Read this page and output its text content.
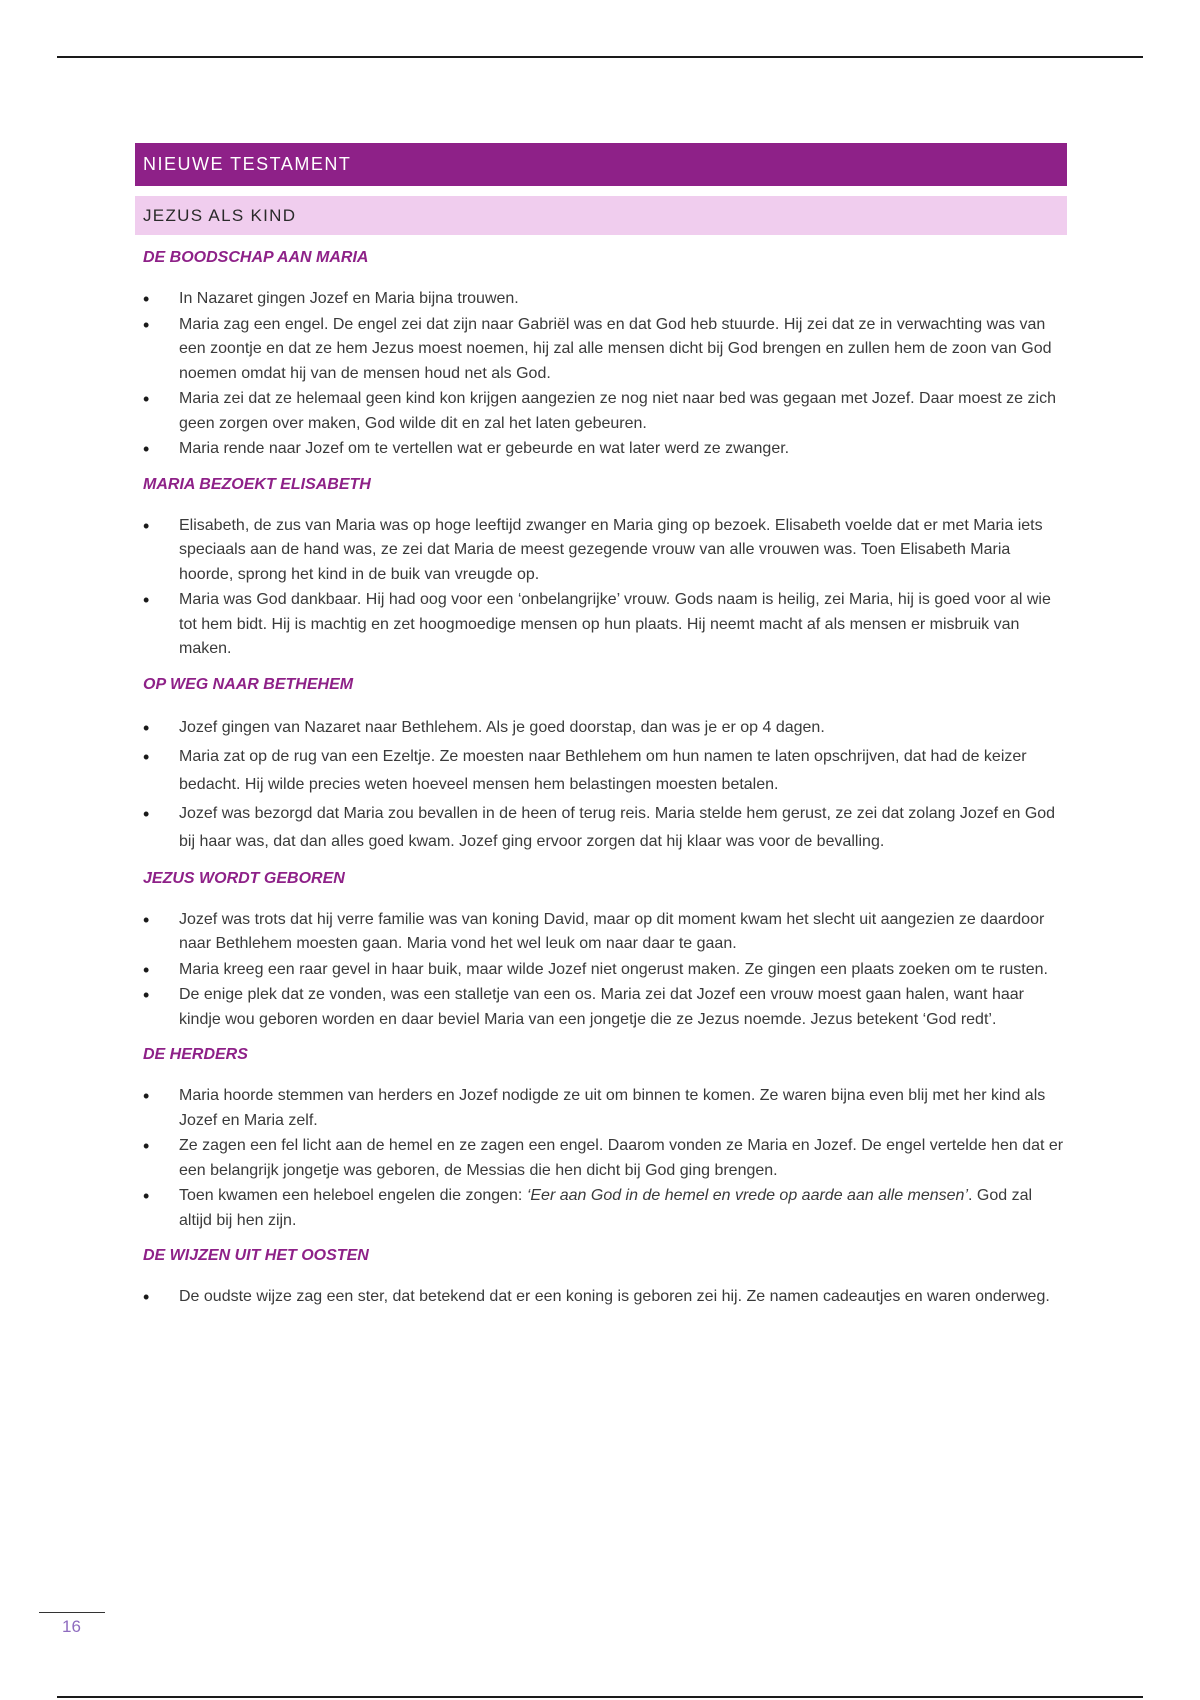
NIEUWE TESTAMENT
JEZUS ALS KIND
DE BOODSCHAP AAN MARIA
• In Nazaret gingen Jozef en Maria bijna trouwen.
• Maria zag een engel. De engel zei dat zijn naar Gabriël was en dat God heb stuurde. Hij zei dat ze in verwachting was van een zoontje en dat ze hem Jezus moest noemen, hij zal alle mensen dicht bij God brengen en zullen hem de zoon van God noemen omdat hij van de mensen houd net als God.
• Maria zei dat ze helemaal geen kind kon krijgen aangezien ze nog niet naar bed was gegaan met Jozef. Daar moest ze zich geen zorgen over maken, God wilde dit en zal het laten gebeuren.
• Maria rende naar Jozef om te vertellen wat er gebeurde en wat later werd ze zwanger.
MARIA BEZOEKT ELISABETH
• Elisabeth, de zus van Maria was op hoge leeftijd zwanger en Maria ging op bezoek. Elisabeth voelde dat er met Maria iets speciaals aan de hand was, ze zei dat Maria de meest gezegende vrouw van alle vrouwen was. Toen Elisabeth Maria hoorde, sprong het kind in de buik van vreugde op.
• Maria was God dankbaar. Hij had oog voor een ‘onbelangrijke’ vrouw. Gods naam is heilig, zei Maria, hij is goed voor al wie tot hem bidt. Hij is machtig en zet hoogmoedige mensen op hun plaats. Hij neemt macht af als mensen er misbruik van maken.
OP WEG NAAR BETHEHEM
• Jozef gingen van Nazaret naar Bethlehem. Als je goed doorstap, dan was je er op 4 dagen.
• Maria zat op de rug van een Ezeltje. Ze moesten naar Bethlehem om hun namen te laten opschrijven, dat had de keizer bedacht. Hij wilde precies weten hoeveel mensen hem belastingen moesten betalen.
• Jozef was bezorgd dat Maria zou bevallen in de heen of terug reis. Maria stelde hem gerust, ze zei dat zolang Jozef en God bij haar was, dat dan alles goed kwam. Jozef ging ervoor zorgen dat hij klaar was voor de bevalling.
JEZUS WORDT GEBOREN
• Jozef was trots dat hij verre familie was van koning David, maar op dit moment kwam het slecht uit aangezien ze daardoor naar Bethlehem moesten gaan. Maria vond het wel leuk om naar daar te gaan.
• Maria kreeg een raar gevel in haar buik, maar wilde Jozef niet ongerust maken. Ze gingen een plaats zoeken om te rusten.
• De enige plek dat ze vonden, was een stalletje van een os. Maria zei dat Jozef een vrouw moest gaan halen, want haar kindje wou geboren worden en daar beviel Maria van een jongetje die ze Jezus noemde. Jezus betekent ‘God redt’.
DE HERDERS
• Maria hoorde stemmen van herders en Jozef nodigde ze uit om binnen te komen. Ze waren bijna even blij met her kind als Jozef en Maria zelf.
• Ze zagen een fel licht aan de hemel en ze zagen een engel. Daarom vonden ze Maria en Jozef. De engel vertelde hen dat er een belangrijk jongetje was geboren, de Messias die hen dicht bij God ging brengen.
• Toen kwamen een heleboel engelen die zongen: ‘Eer aan God in de hemel en vrede op aarde aan alle mensen’. God zal altijd bij hen zijn.
DE WIJZEN UIT HET OOSTEN
• De oudste wijze zag een ster, dat betekend dat er een koning is geboren zei hij. Ze namen cadeautjes en waren onderweg.
16
